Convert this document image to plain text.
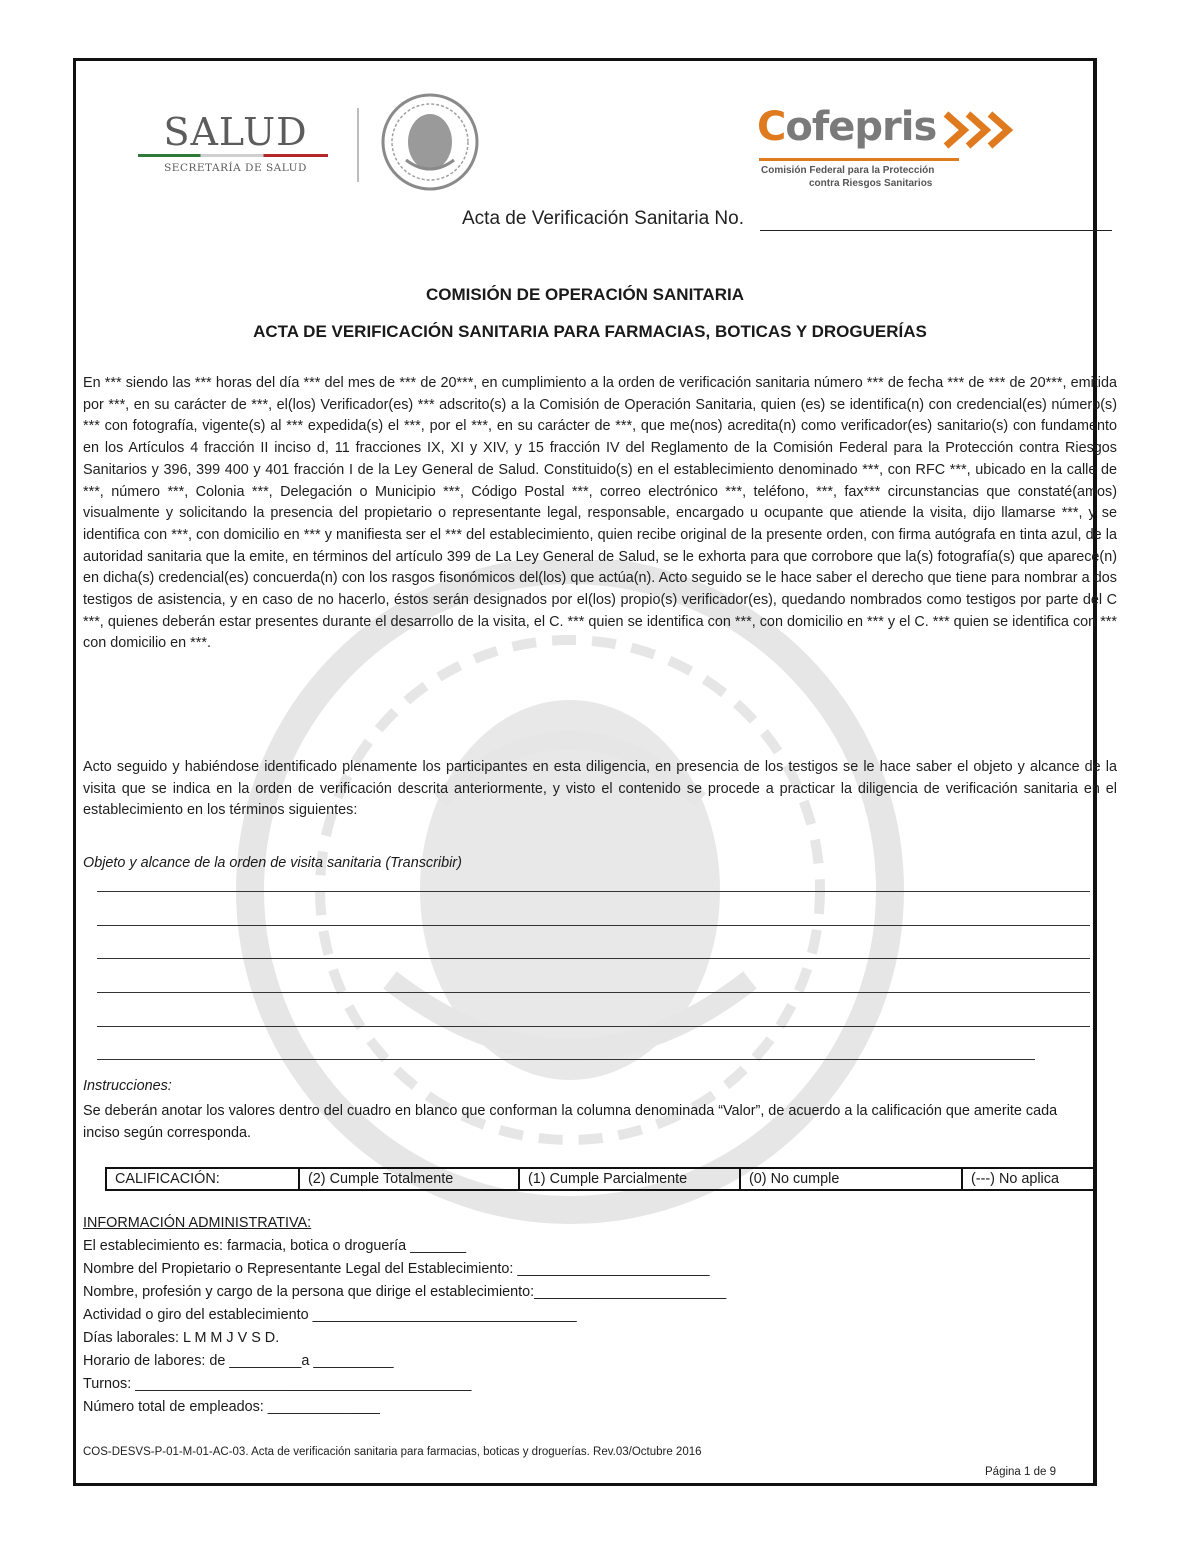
SALUD
SECRETARÍA DE SALUD
Cofepris
Comisión Federal para la Protección
contra Riesgos Sanitarios
Acta de Verificación Sanitaria No.
COMISIÓN DE OPERACIÓN SANITARIA
ACTA DE VERIFICACIÓN SANITARIA PARA FARMACIAS, BOTICAS Y DROGUERÍAS
En *** siendo las *** horas del día *** del mes de *** de 20***, en cumplimiento a la orden de verificación sanitaria número *** de fecha *** de *** de 20***, emitida por ***, en su carácter de ***, el(los) Verificador(es) *** adscrito(s) a la Comisión de Operación Sanitaria, quien (es) se identifica(n) con credencial(es) número(s) *** con fotografía, vigente(s) al *** expedida(s) el ***, por el ***, en su carácter de ***, que me(nos) acredita(n) como verificador(es) sanitario(s) con fundamento en los Artículos 4 fracción II inciso d, 11 fracciones IX, XI y XIV, y 15 fracción IV del Reglamento de la Comisión Federal para la Protección contra Riesgos Sanitarios y 396, 399 400 y 401 fracción I de la Ley General de Salud. Constituido(s) en el establecimiento denominado ***, con RFC ***, ubicado en la calle de ***, número ***, Colonia ***, Delegación o Municipio ***, Código Postal ***, correo electrónico ***, teléfono, ***, fax*** circunstancias que constaté(amos) visualmente y solicitando la presencia del propietario o representante legal, responsable, encargado u ocupante que atiende la visita, dijo llamarse ***, y se identifica con ***, con domicilio en *** y manifiesta ser el *** del establecimiento, quien recibe original de la presente orden, con firma autógrafa en tinta azul, de la autoridad sanitaria que la emite, en términos del artículo 399 de La Ley General de Salud, se le exhorta para que corrobore que la(s) fotografía(s) que aparece(n) en dicha(s) credencial(es) concuerda(n) con los rasgos fisonómicos del(los) que actúa(n). Acto seguido se le hace saber el derecho que tiene para nombrar a dos testigos de asistencia, y en caso de no hacerlo, éstos serán designados por el(los) propio(s) verificador(es), quedando nombrados como testigos por parte del C ***, quienes deberán estar presentes durante el desarrollo de la visita, el C. *** quien se identifica con ***, con domicilio en *** y el C. *** quien se identifica con *** con domicilio en ***.
Acto seguido y habiéndose identificado plenamente los participantes en esta diligencia, en presencia de los testigos se le hace saber el objeto y alcance de la visita que se indica en la orden de verificación descrita anteriormente, y visto el contenido se procede a practicar la diligencia de verificación sanitaria en el establecimiento en los términos siguientes:
Objeto y alcance de la orden de visita sanitaria (Transcribir)
Instrucciones:
Se deberán anotar los valores dentro del cuadro en blanco que conforman la columna denominada “Valor”, de acuerdo a la calificación que amerite cada inciso según corresponda.
CALIFICACIÓN:	(2) Cumple Totalmente	(1) Cumple Parcialmente	(0) No cumple	(---) No aplica
INFORMACIÓN ADMINISTRATIVA:
El establecimiento es: farmacia, botica o droguería _______
Nombre del Propietario o Representante Legal del Establecimiento: ________________________
Nombre, profesión y cargo de la persona que dirige el establecimiento:________________________
Actividad o giro del establecimiento _________________________________
Días laborales: L M M J V S D.
Horario de labores: de _________a __________
Turnos: __________________________________________
Número total de empleados: ______________
COS-DESVS-P-01-M-01-AC-03. Acta de verificación sanitaria para farmacias, boticas y droguerías. Rev.03/Octubre 2016
Página 1 de 9
